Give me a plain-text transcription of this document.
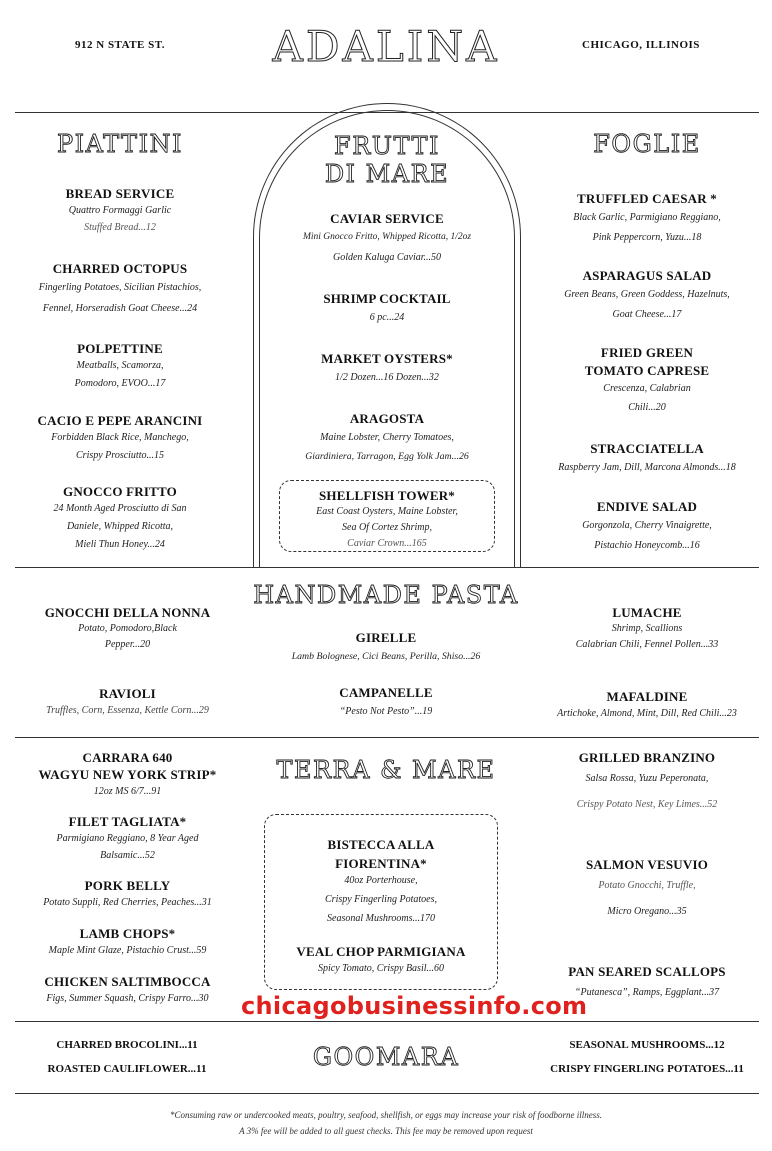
912 N STATE ST.	ADALINA	CHICAGO, ILLINOIS
PIATTINI
BREAD SERVICE
Quattro Formaggi Garlic
Stuffed Bread...12
CHARRED OCTOPUS
Fingerling Potatoes, Sicilian Pistachios,
Fennel, Horseradish Goat Cheese...24
POLPETTINE
Meatballs, Scamorza,
Pomodoro, EVOO...17
CACIO E PEPE ARANCINI
Forbidden Black Rice, Manchego,
Crispy Prosciutto...15
GNOCCO FRITTO
24 Month Aged Prosciutto di San
Daniele, Whipped Ricotta,
Mieli Thun Honey...24
FRUTTI
DI MARE
CAVIAR SERVICE
Mini Gnocco Fritto, Whipped Ricotta, 1/2oz
Golden Kaluga Caviar...50
SHRIMP COCKTAIL
6 pc...24
MARKET OYSTERS*
1/2 Dozen...16 Dozen...32
ARAGOSTA
Maine Lobster, Cherry Tomatoes,
Giardiniera, Tarragon, Egg Yolk Jam...26
SHELLFISH TOWER*
East Coast Oysters, Maine Lobster,
Sea Of Cortez Shrimp,
Caviar Crown...165
FOGLIE
TRUFFLED CAESAR *
Black Garlic, Parmigiano Reggiano,
Pink Peppercorn, Yuzu...18
ASPARAGUS SALAD
Green Beans, Green Goddess, Hazelnuts,
Goat Cheese...17
FRIED GREEN
TOMATO CAPRESE
Crescenza, Calabrian
Chili...20
STRACCIATELLA
Raspberry Jam, Dill, Marcona Almonds...18
ENDIVE SALAD
Gorgonzola, Cherry Vinaigrette,
Pistachio Honeycomb...16
HANDMADE PASTA
GNOCCHI DELLA NONNA
Potato, Pomodoro,Black
Pepper...20
RAVIOLI
Truffles, Corn, Essenza, Kettle Corn...29
GIRELLE
Lamb Bolognese, Cici Beans, Perilla, Shiso...26
CAMPANELLE
“Pesto Not Pesto”...19
LUMACHE
Shrimp, Scallions
Calabrian Chili, Fennel Pollen...33
MAFALDINE
Artichoke, Almond, Mint, Dill, Red Chili...23
TERRA & MARE
CARRARA 640
WAGYU NEW YORK STRIP*
12oz MS 6/7...91
FILET TAGLIATA*
Parmigiano Reggiano, 8 Year Aged
Balsamic...52
PORK BELLY
Potato Suppli, Red Cherries, Peaches...31
LAMB CHOPS*
Maple Mint Glaze, Pistachio Crust...59
CHICKEN SALTIMBOCCA
Figs, Summer Squash, Crispy Farro...30
BISTECCA ALLA
FIORENTINA*
40oz Porterhouse,
Crispy Fingerling Potatoes,
Seasonal Mushrooms...170
VEAL CHOP PARMIGIANA
Spicy Tomato, Crispy Basil...60
GRILLED BRANZINO
Salsa Rossa, Yuzu Peperonata,
Crispy Potato Nest, Key Limes...52
SALMON VESUVIO
Potato Gnocchi, Truffle,
Micro Oregano...35
PAN SEARED SCALLOPS
“Putanesca”, Ramps, Eggplant...37
chicagobusinessinfo.com
CHARRED BROCOLINI...11
ROASTED CAULIFLOWER...11	GOOMARA	SEASONAL MUSHROOMS...12
CRISPY FINGERLING POTATOES...11
*Consuming raw or undercooked meats, poultry, seafood, shellfish, or eggs may increase your risk of foodborne illness.
A 3% fee will be added to all guest checks. This fee may be removed upon request
